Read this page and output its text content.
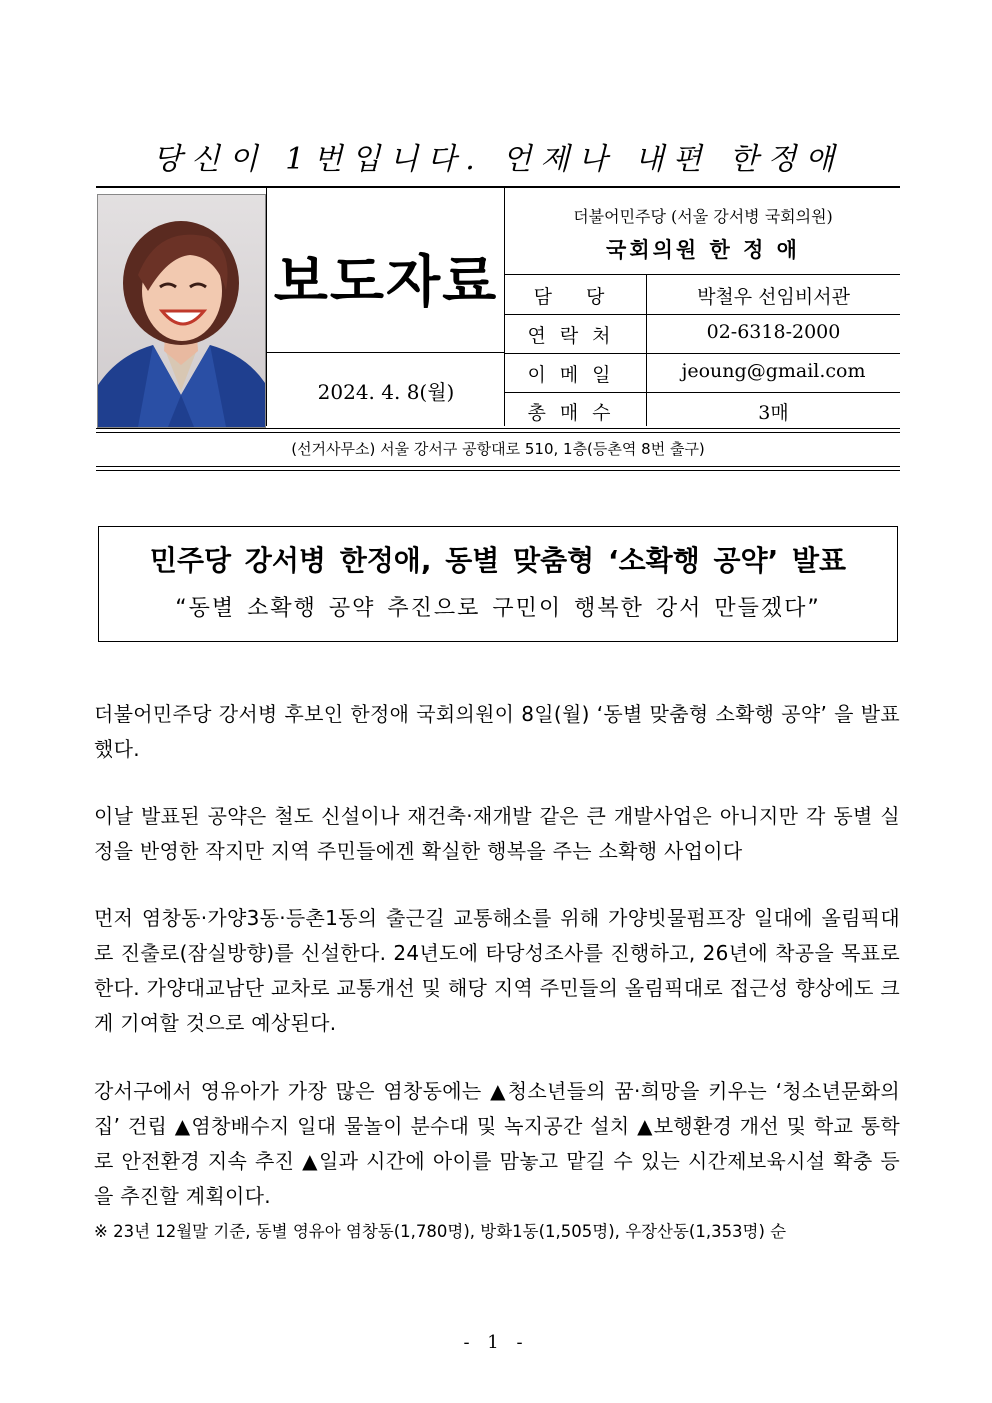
당신이 1번입니다. 언제나 내편 한정애
보도자료
2024. 4. 8(월)
더불어민주당 (서울 강서병 국회의원)
국회의원 한 정 애
담 당	박철우 선임비서관
연락처	02-6318-2000
이메일	jeoung@gmail.com
총매수	3매
(선거사무소) 서울 강서구 공항대로 510, 1층(등촌역 8번 출구)
민주당 강서병 한정애, 동별 맞춤형 ‘소확행 공약’ 발표
“동별 소확행 공약 추진으로 구민이 행복한 강서 만들겠다”
더불어민주당 강서병 후보인 한정애 국회의원이 8일(월) ‘동별 맞춤형 소확행 공약’ 을 발표했다.
이날 발표된 공약은 철도 신설이나 재건축·재개발 같은 큰 개발사업은 아니지만 각 동별 실정을 반영한 작지만 지역 주민들에겐 확실한 행복을 주는 소확행 사업이다
먼저 염창동·가양3동·등촌1동의 출근길 교통해소를 위해 가양빗물펌프장 일대에 올림픽대로 진출로(잠실방향)를 신설한다. 24년도에 타당성조사를 진행하고, 26년에 착공을 목표로 한다. 가양대교남단 교차로 교통개선 및 해당 지역 주민들의 올림픽대로 접근성 향상에도 크게 기여할 것으로 예상된다.
강서구에서 영유아가 가장 많은 염창동에는 ▲청소년들의 꿈·희망을 키우는 ‘청소년문화의집’ 건립 ▲염창배수지 일대 물놀이 분수대 및 녹지공간 설치 ▲보행환경 개선 및 학교 통학로 안전환경 지속 추진 ▲일과 시간에 아이를 맘놓고 맡길 수 있는 시간제보육시설 확충 등을 추진할 계획이다.
※ 23년 12월말 기준, 동별 영유아 염창동(1,780명), 방화1동(1,505명), 우장산동(1,353명) 순
- 1 -
